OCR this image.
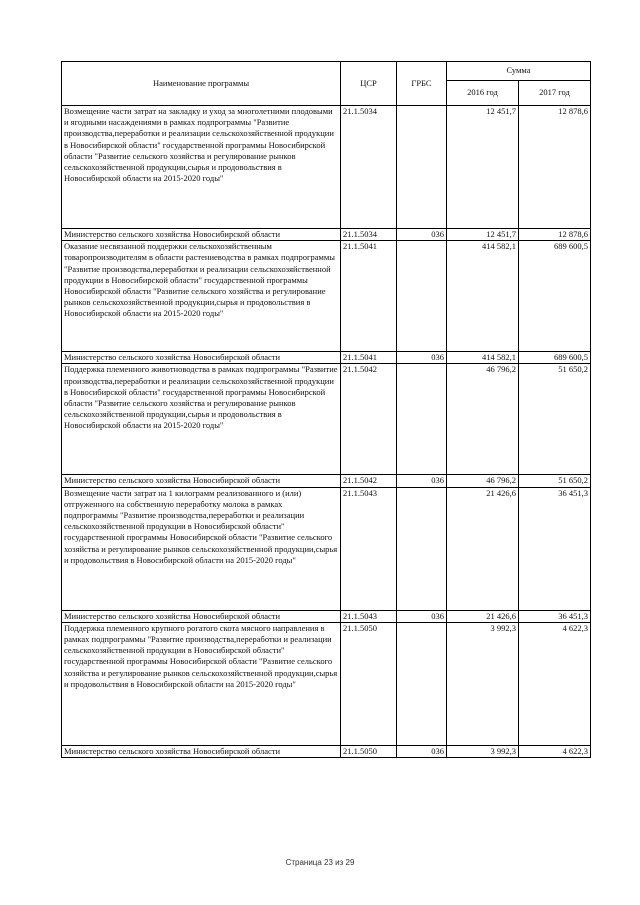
Наименование программы	ЦСР	ГРБС	Сумма	
			2016 год	2017 год
Возмещение части затрат на закладку и уход за многолетними плодовыми и ягодными насаждениями в рамках подпрограммы "Развитие производства,переработки и реализации сельскохозяйственной продукции в Новосибирской области" государственной программы Новосибирской области "Развитие сельского хозяйства и регулирование рынков сельскохозяйственной продукции,сырья и продовольствия в Новосибирской области на 2015-2020 годы"	21.1.5034		12 451,7	12 878,6
Министерство сельского хозяйства Новосибирской области	21.1.5034	036	12 451,7	12 878,6
Оказание несвязанной поддержки сельскохозяйственным товаропроизводителям в области растениеводства в рамках подпрограммы "Развитие производства,переработки и реализации сельскохозяйственной продукции в Новосибирской области" государственной программы Новосибирской области "Развитие сельского хозяйства и регулирование рынков сельскохозяйственной продукции,сырья и продовольствия в Новосибирской области на 2015-2020 годы"	21.1.5041		414 582,1	689 600,5
Министерство сельского хозяйства Новосибирской области	21.1.5041	036	414 582,1	689 600,5
Поддержка племенного животноводства в рамках подпрограммы "Развитие производства,переработки и реализации сельскохозяйственной продукции в Новосибирской области" государственной программы Новосибирской области "Развитие сельского хозяйства и регулирование рынков сельскохозяйственной продукции,сырья и продовольствия в Новосибирской области на 2015-2020 годы"	21.1.5042		46 796,2	51 650,2
Министерство сельского хозяйства Новосибирской области	21.1.5042	036	46 796,2	51 650,2
Возмещение части затрат на 1 килограмм реализованного и (или) отгруженного на собственную переработку молока в рамках подпрограммы "Развитие производства,переработки и реализации сельскохозяйственной продукции в Новосибирской области" государственной программы Новосибирской области "Развитие сельского хозяйства и регулирование рынков сельскохозяйственной продукции,сырья и продовольствия в Новосибирской области на 2015-2020 годы"	21.1.5043		21 426,6	36 451,3
Министерство сельского хозяйства Новосибирской области	21.1.5043	036	21 426,6	36 451,3
Поддержка племенного крупного рогатого скота мясного направления в рамках подпрограммы "Развитие производства,переработки и реализации сельскохозяйственной продукции в Новосибирской области" государственной программы Новосибирской области "Развитие сельского хозяйства и регулирование рынков сельскохозяйственной продукции,сырья и продовольствия в Новосибирской области на 2015-2020 годы"	21.1.5050		3 992,3	4 622,3
Министерство сельского хозяйства Новосибирской области	21.1.5050	036	3 992,3	4 622,3
Страница 23 из 29
